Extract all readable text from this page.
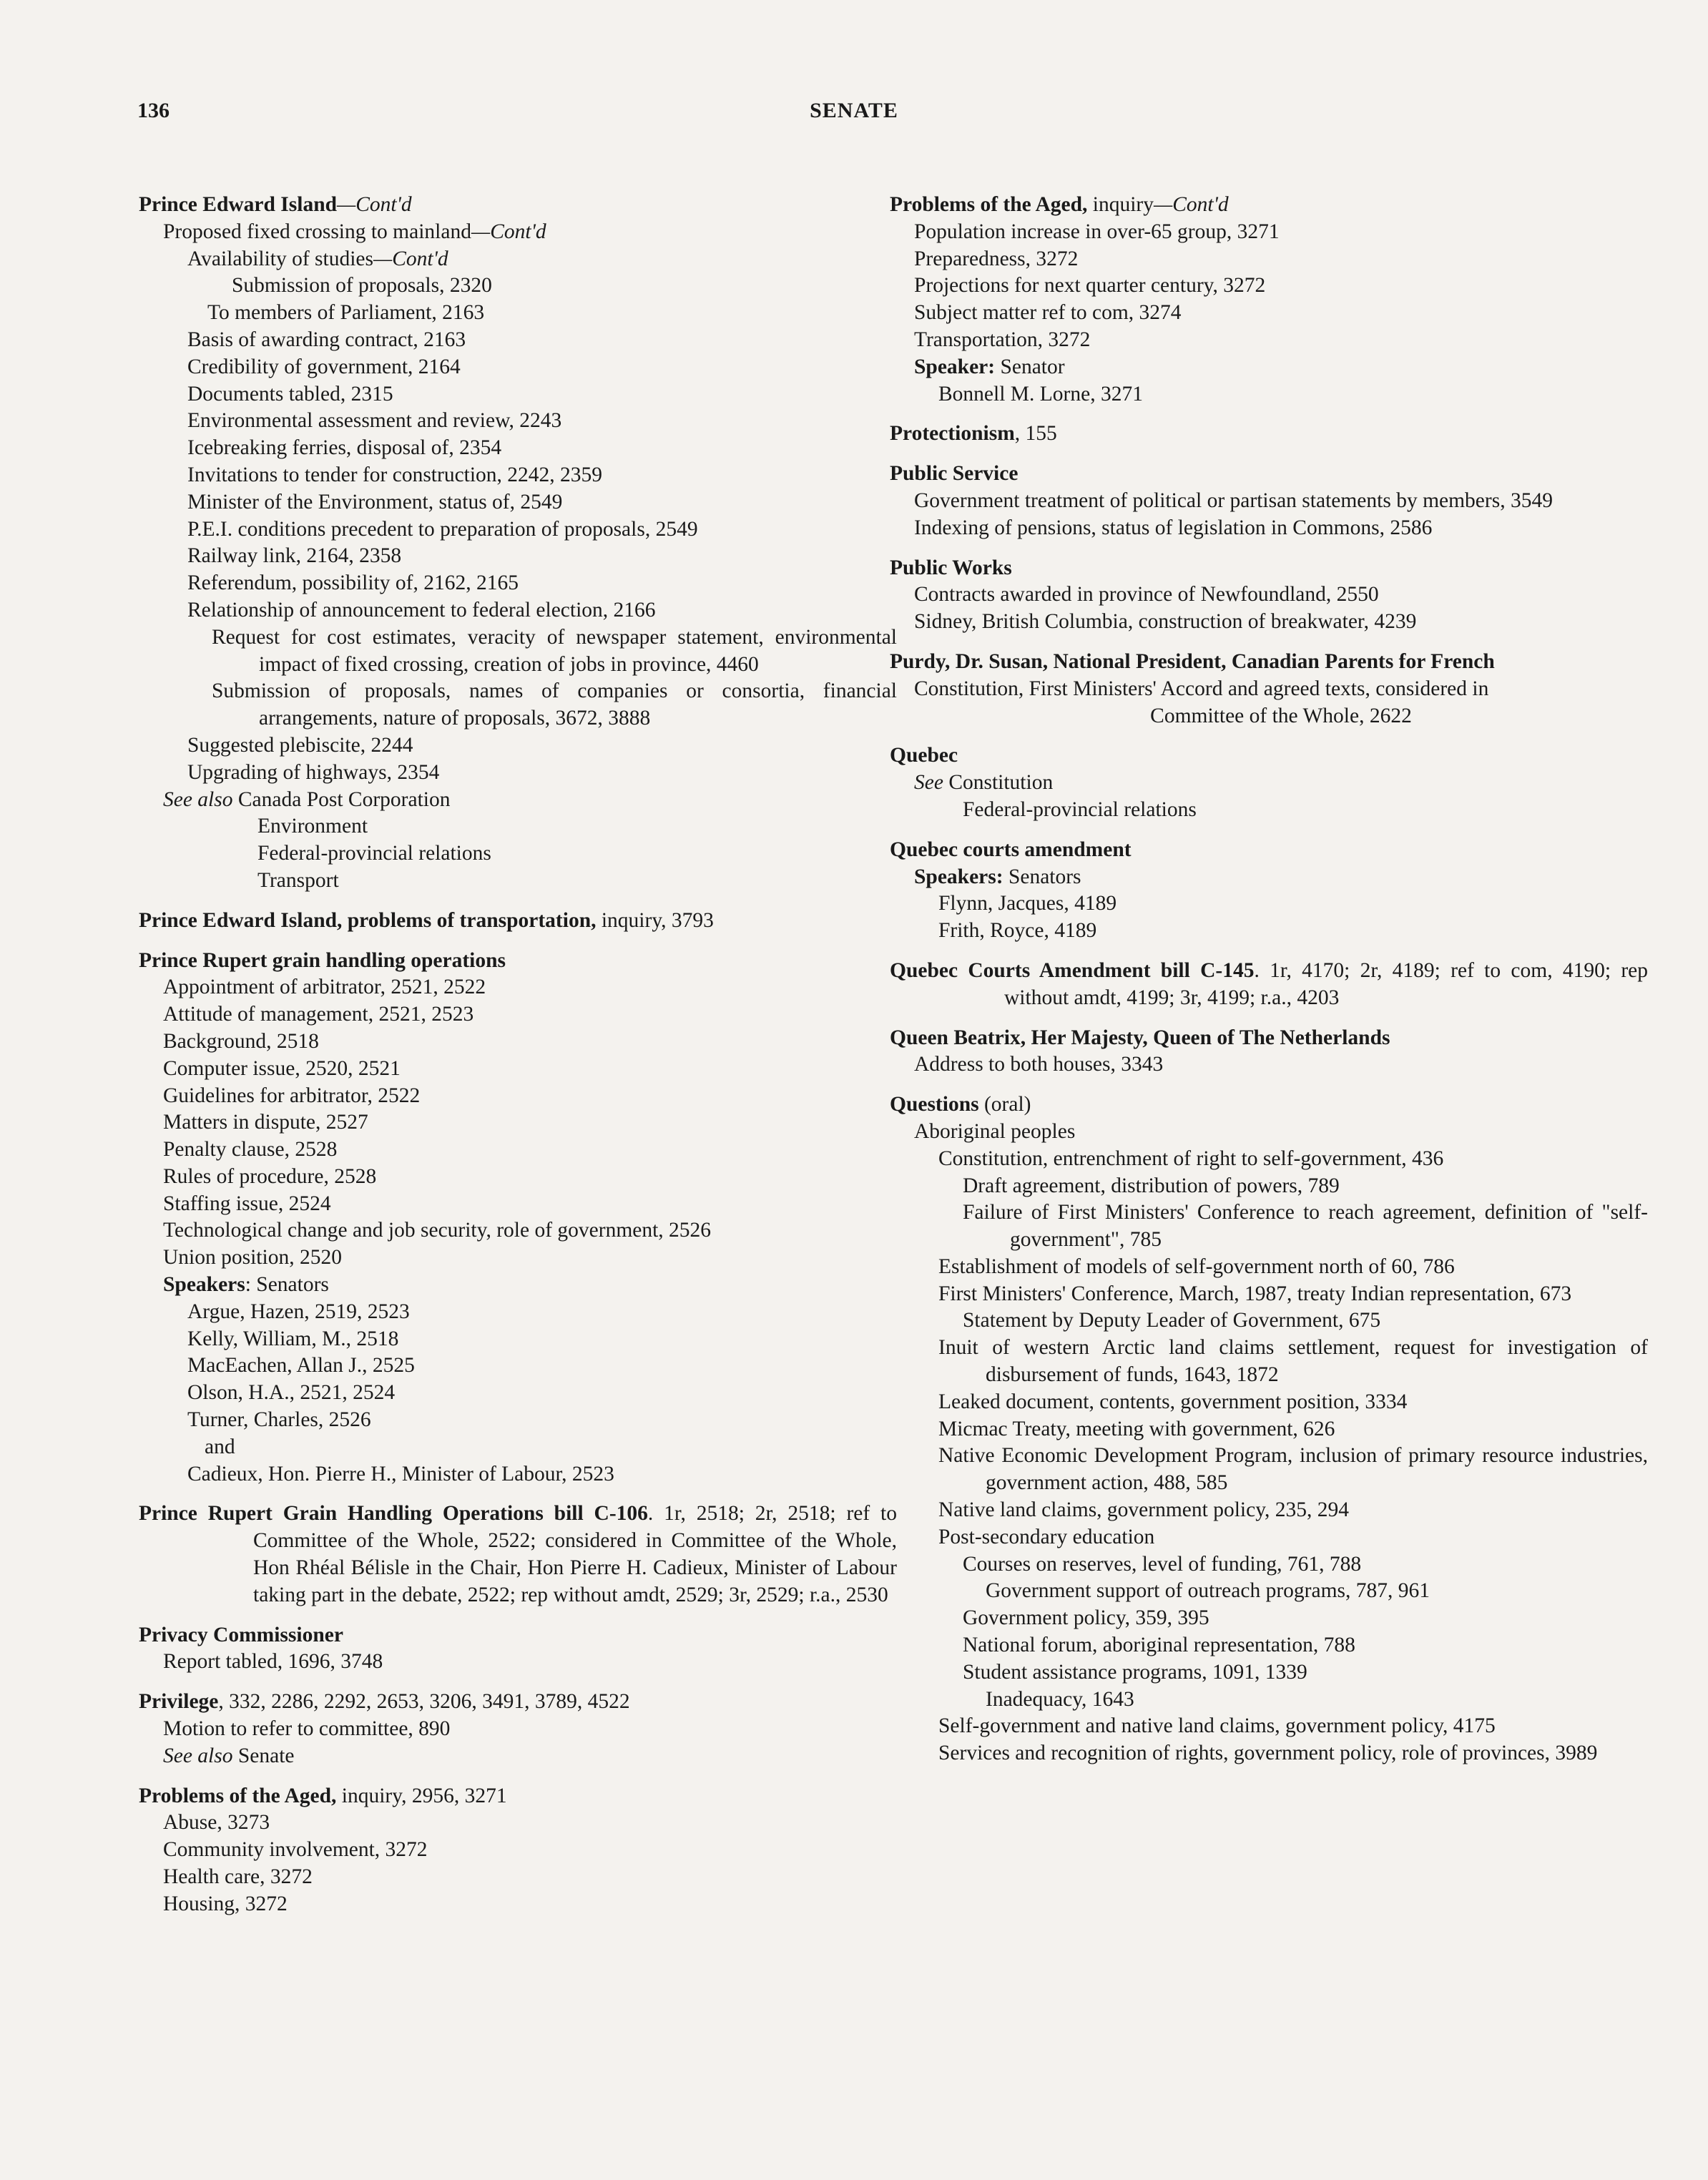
136	SENATE
Prince Edward Island—Cont'd
Proposed fixed crossing to mainland—Cont'd
Availability of studies—Cont'd
Submission of proposals, 2320
To members of Parliament, 2163
Basis of awarding contract, 2163
Credibility of government, 2164
Documents tabled, 2315
Environmental assessment and review, 2243
Icebreaking ferries, disposal of, 2354
Invitations to tender for construction, 2242, 2359
Minister of the Environment, status of, 2549
P.E.I. conditions precedent to preparation of proposals, 2549
Railway link, 2164, 2358
Referendum, possibility of, 2162, 2165
Relationship of announcement to federal election, 2166
Request for cost estimates, veracity of newspaper statement, environmental impact of fixed crossing, creation of jobs in province, 4460
Submission of proposals, names of companies or consortia, financial arrangements, nature of proposals, 3672, 3888
Suggested plebiscite, 2244
Upgrading of highways, 2354
See also Canada Post Corporation
Environment
Federal-provincial relations
Transport
Prince Edward Island, problems of transportation, inquiry, 3793
Prince Rupert grain handling operations
Appointment of arbitrator, 2521, 2522
Attitude of management, 2521, 2523
Background, 2518
Computer issue, 2520, 2521
Guidelines for arbitrator, 2522
Matters in dispute, 2527
Penalty clause, 2528
Rules of procedure, 2528
Staffing issue, 2524
Technological change and job security, role of government, 2526
Union position, 2520
Speakers: Senators
Argue, Hazen, 2519, 2523
Kelly, William, M., 2518
MacEachen, Allan J., 2525
Olson, H.A., 2521, 2524
Turner, Charles, 2526
and
Cadieux, Hon. Pierre H., Minister of Labour, 2523
Prince Rupert Grain Handling Operations bill C-106. 1r, 2518; 2r, 2518; ref to Committee of the Whole, 2522; considered in Committee of the Whole, Hon Rhéal Bélisle in the Chair, Hon Pierre H. Cadieux, Minister of Labour taking part in the debate, 2522; rep without amdt, 2529; 3r, 2529; r.a., 2530
Privacy Commissioner
Report tabled, 1696, 3748
Privilege, 332, 2286, 2292, 2653, 3206, 3491, 3789, 4522
Motion to refer to committee, 890
See also Senate
Problems of the Aged, inquiry, 2956, 3271
Abuse, 3273
Community involvement, 3272
Health care, 3272
Housing, 3272
Problems of the Aged, inquiry—Cont'd
Population increase in over-65 group, 3271
Preparedness, 3272
Projections for next quarter century, 3272
Subject matter ref to com, 3274
Transportation, 3272
Speaker: Senator
Bonnell M. Lorne, 3271
Protectionism, 155
Public Service
Government treatment of political or partisan statements by members, 3549
Indexing of pensions, status of legislation in Commons, 2586
Public Works
Contracts awarded in province of Newfoundland, 2550
Sidney, British Columbia, construction of breakwater, 4239
Purdy, Dr. Susan, National President, Canadian Parents for French
Constitution, First Ministers' Accord and agreed texts, considered in
Committee of the Whole, 2622
Quebec
See Constitution
Federal-provincial relations
Quebec courts amendment
Speakers: Senators
Flynn, Jacques, 4189
Frith, Royce, 4189
Quebec Courts Amendment bill C-145. 1r, 4170; 2r, 4189; ref to com, 4190; rep without amdt, 4199; 3r, 4199; r.a., 4203
Queen Beatrix, Her Majesty, Queen of The Netherlands
Address to both houses, 3343
Questions (oral)
Aboriginal peoples
Constitution, entrenchment of right to self-government, 436
Draft agreement, distribution of powers, 789
Failure of First Ministers' Conference to reach agreement, definition of "self-government", 785
Establishment of models of self-government north of 60, 786
First Ministers' Conference, March, 1987, treaty Indian representation, 673
Statement by Deputy Leader of Government, 675
Inuit of western Arctic land claims settlement, request for investigation of disbursement of funds, 1643, 1872
Leaked document, contents, government position, 3334
Micmac Treaty, meeting with government, 626
Native Economic Development Program, inclusion of primary resource industries, government action, 488, 585
Native land claims, government policy, 235, 294
Post-secondary education
Courses on reserves, level of funding, 761, 788
Government support of outreach programs, 787, 961
Government policy, 359, 395
National forum, aboriginal representation, 788
Student assistance programs, 1091, 1339
Inadequacy, 1643
Self-government and native land claims, government policy, 4175
Services and recognition of rights, government policy, role of provinces, 3989
